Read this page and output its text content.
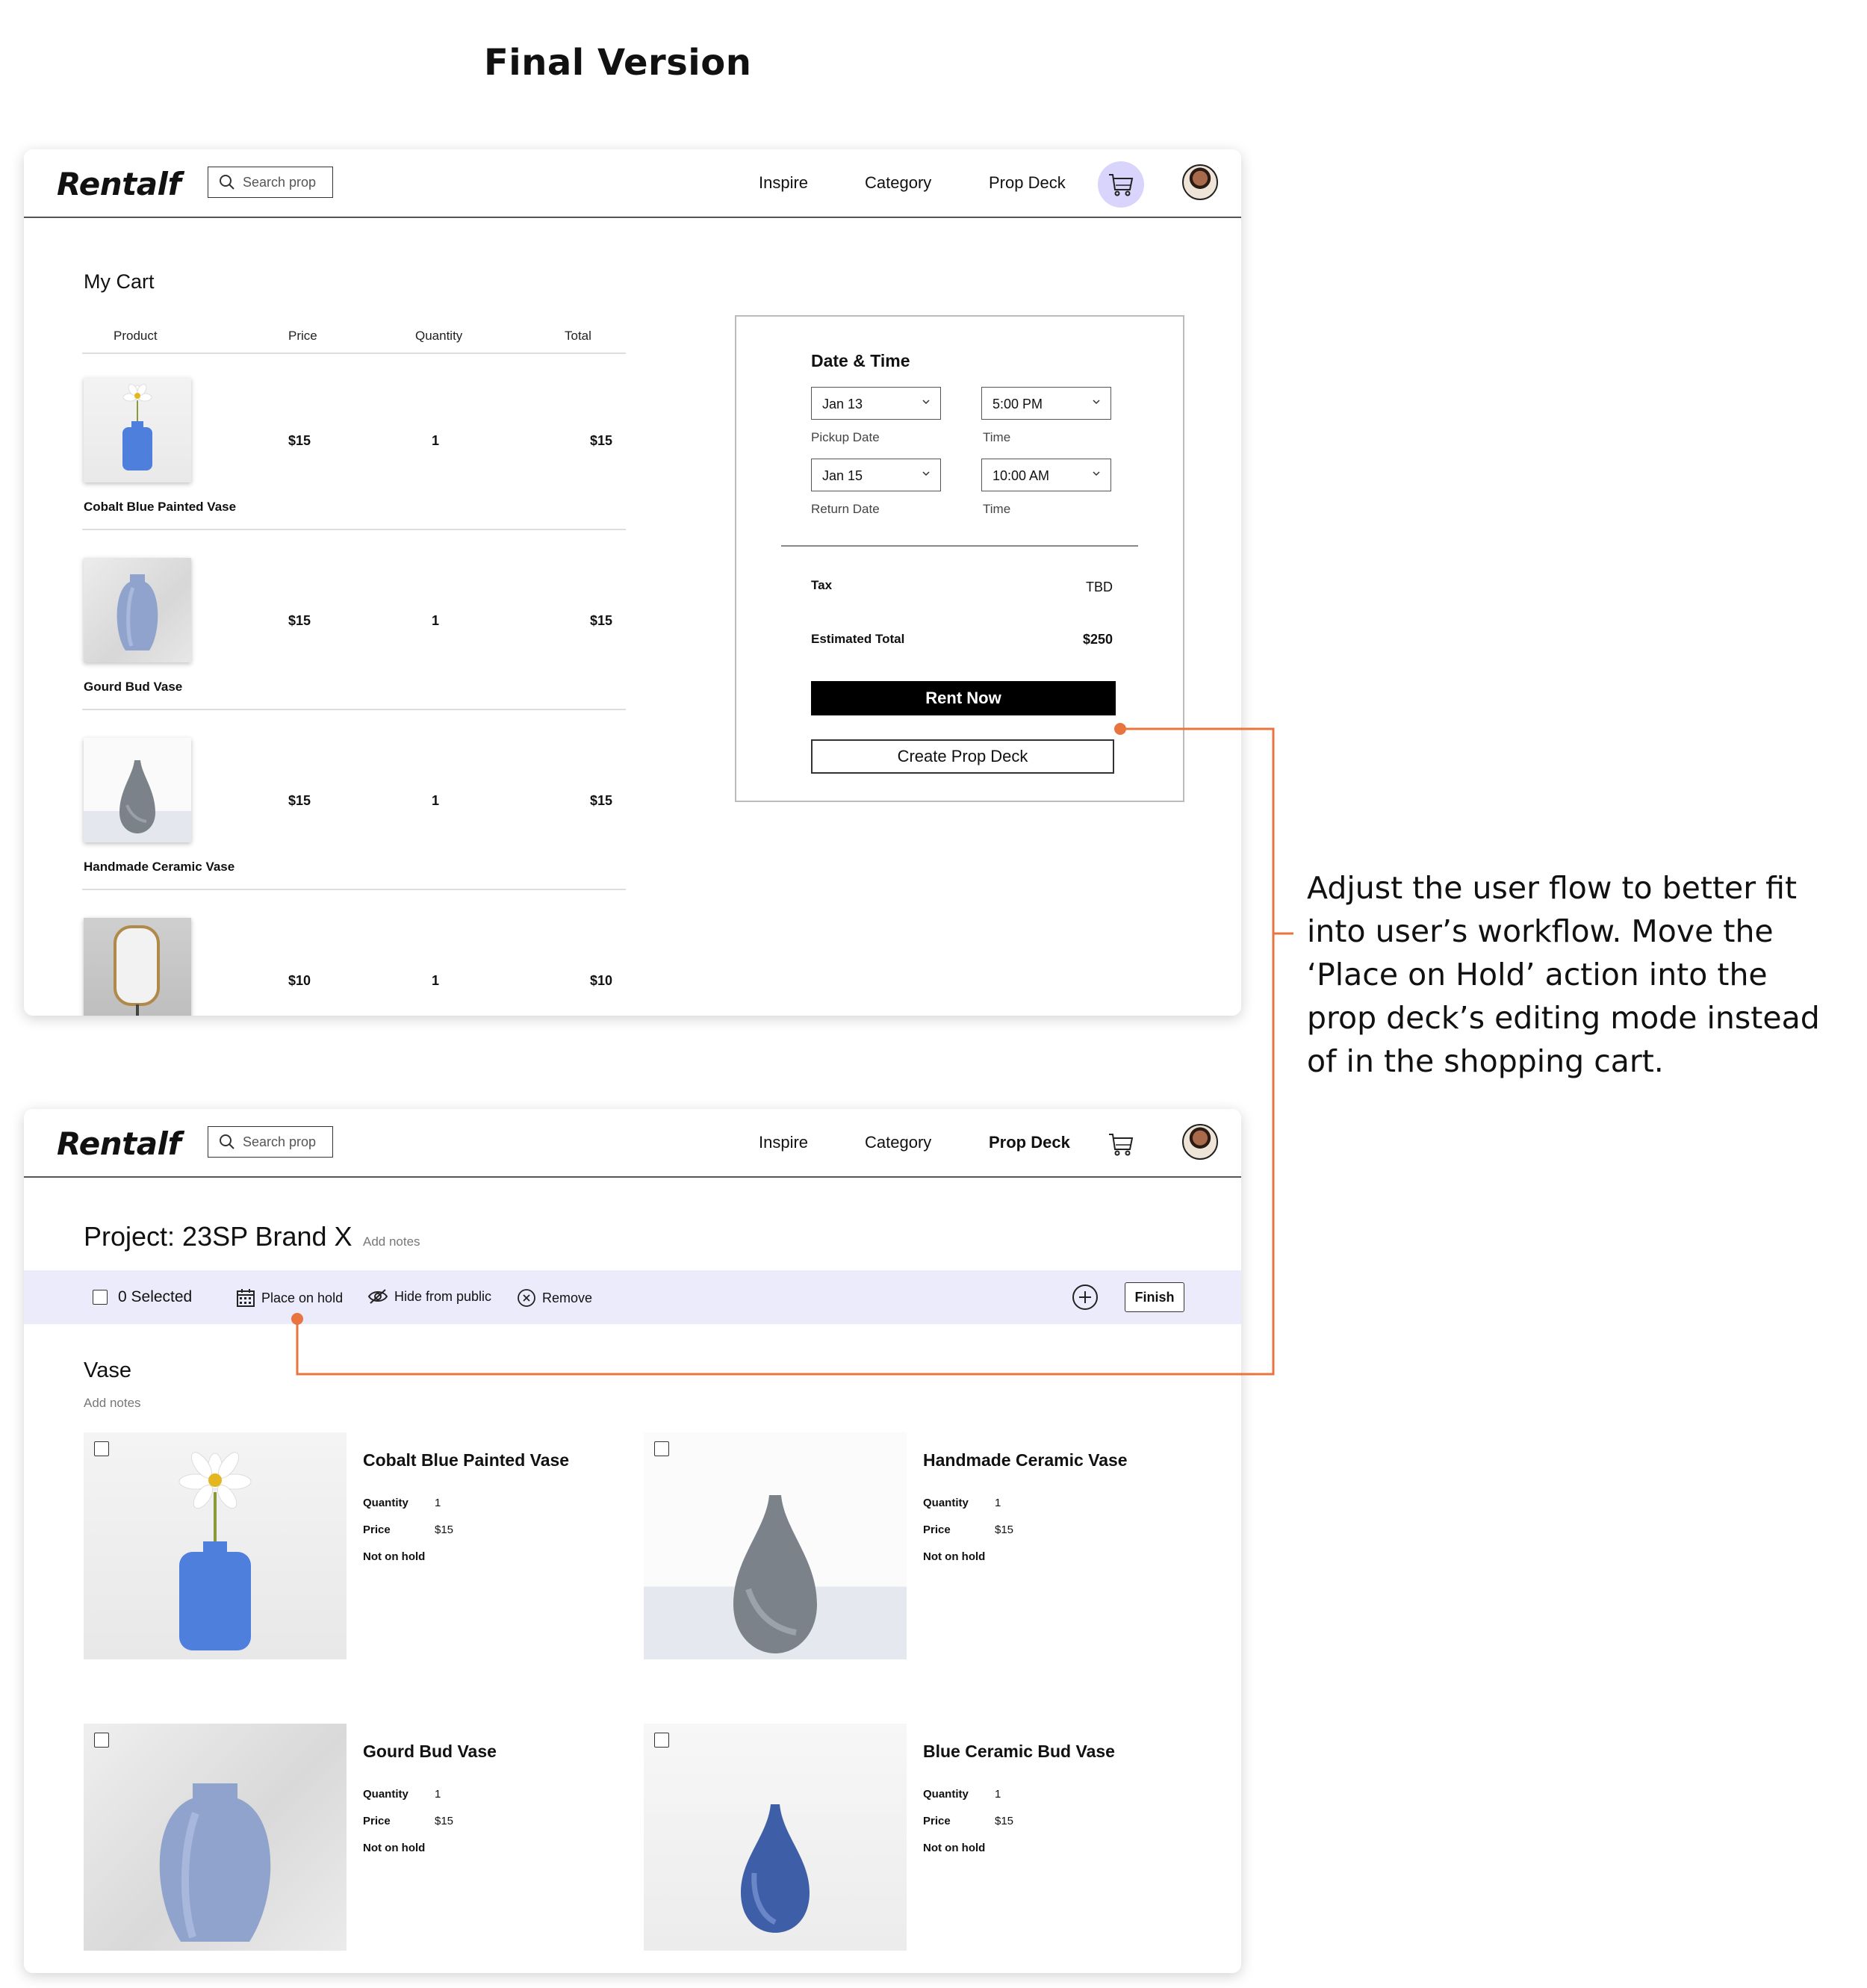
Final Version
Rentalf	Search prop	Inspire	Category	Prop Deck
My Cart
Product	Price	Quantity	Total
Cobalt Blue Painted Vase
$15	1	$15
Gourd Bud Vase
$15	1	$15
Handmade Ceramic Vase
$15	1	$15
$10	1	$10
Date & Time
Jan 13	5:00 PM
Pickup Date	Time
Jan 15	10:00 AM
Return Date	Time
Tax	TBD
Estimated Total	$250
Rent Now
Create Prop Deck
Rentalf	Search prop	Inspire	Category	Prop Deck
Project: 23SP Brand X Add notes
0 Selected	Place on hold	Hide from public	Remove	Finish
Vase
Add notes
Cobalt Blue Painted Vase
Quantity 1
Price	$15
Not on hold
Handmade Ceramic Vase
Quantity 1
Price	$15
Not on hold
Gourd Bud Vase
Quantity 1
Price	$15
Not on hold
Blue Ceramic Bud Vase
Quantity 1
Price	$15
Not on hold
Adjust the user flow to better fit into user’s workflow. Move the ‘Place on Hold’ action into the prop deck’s editing mode instead of in the shopping cart.
